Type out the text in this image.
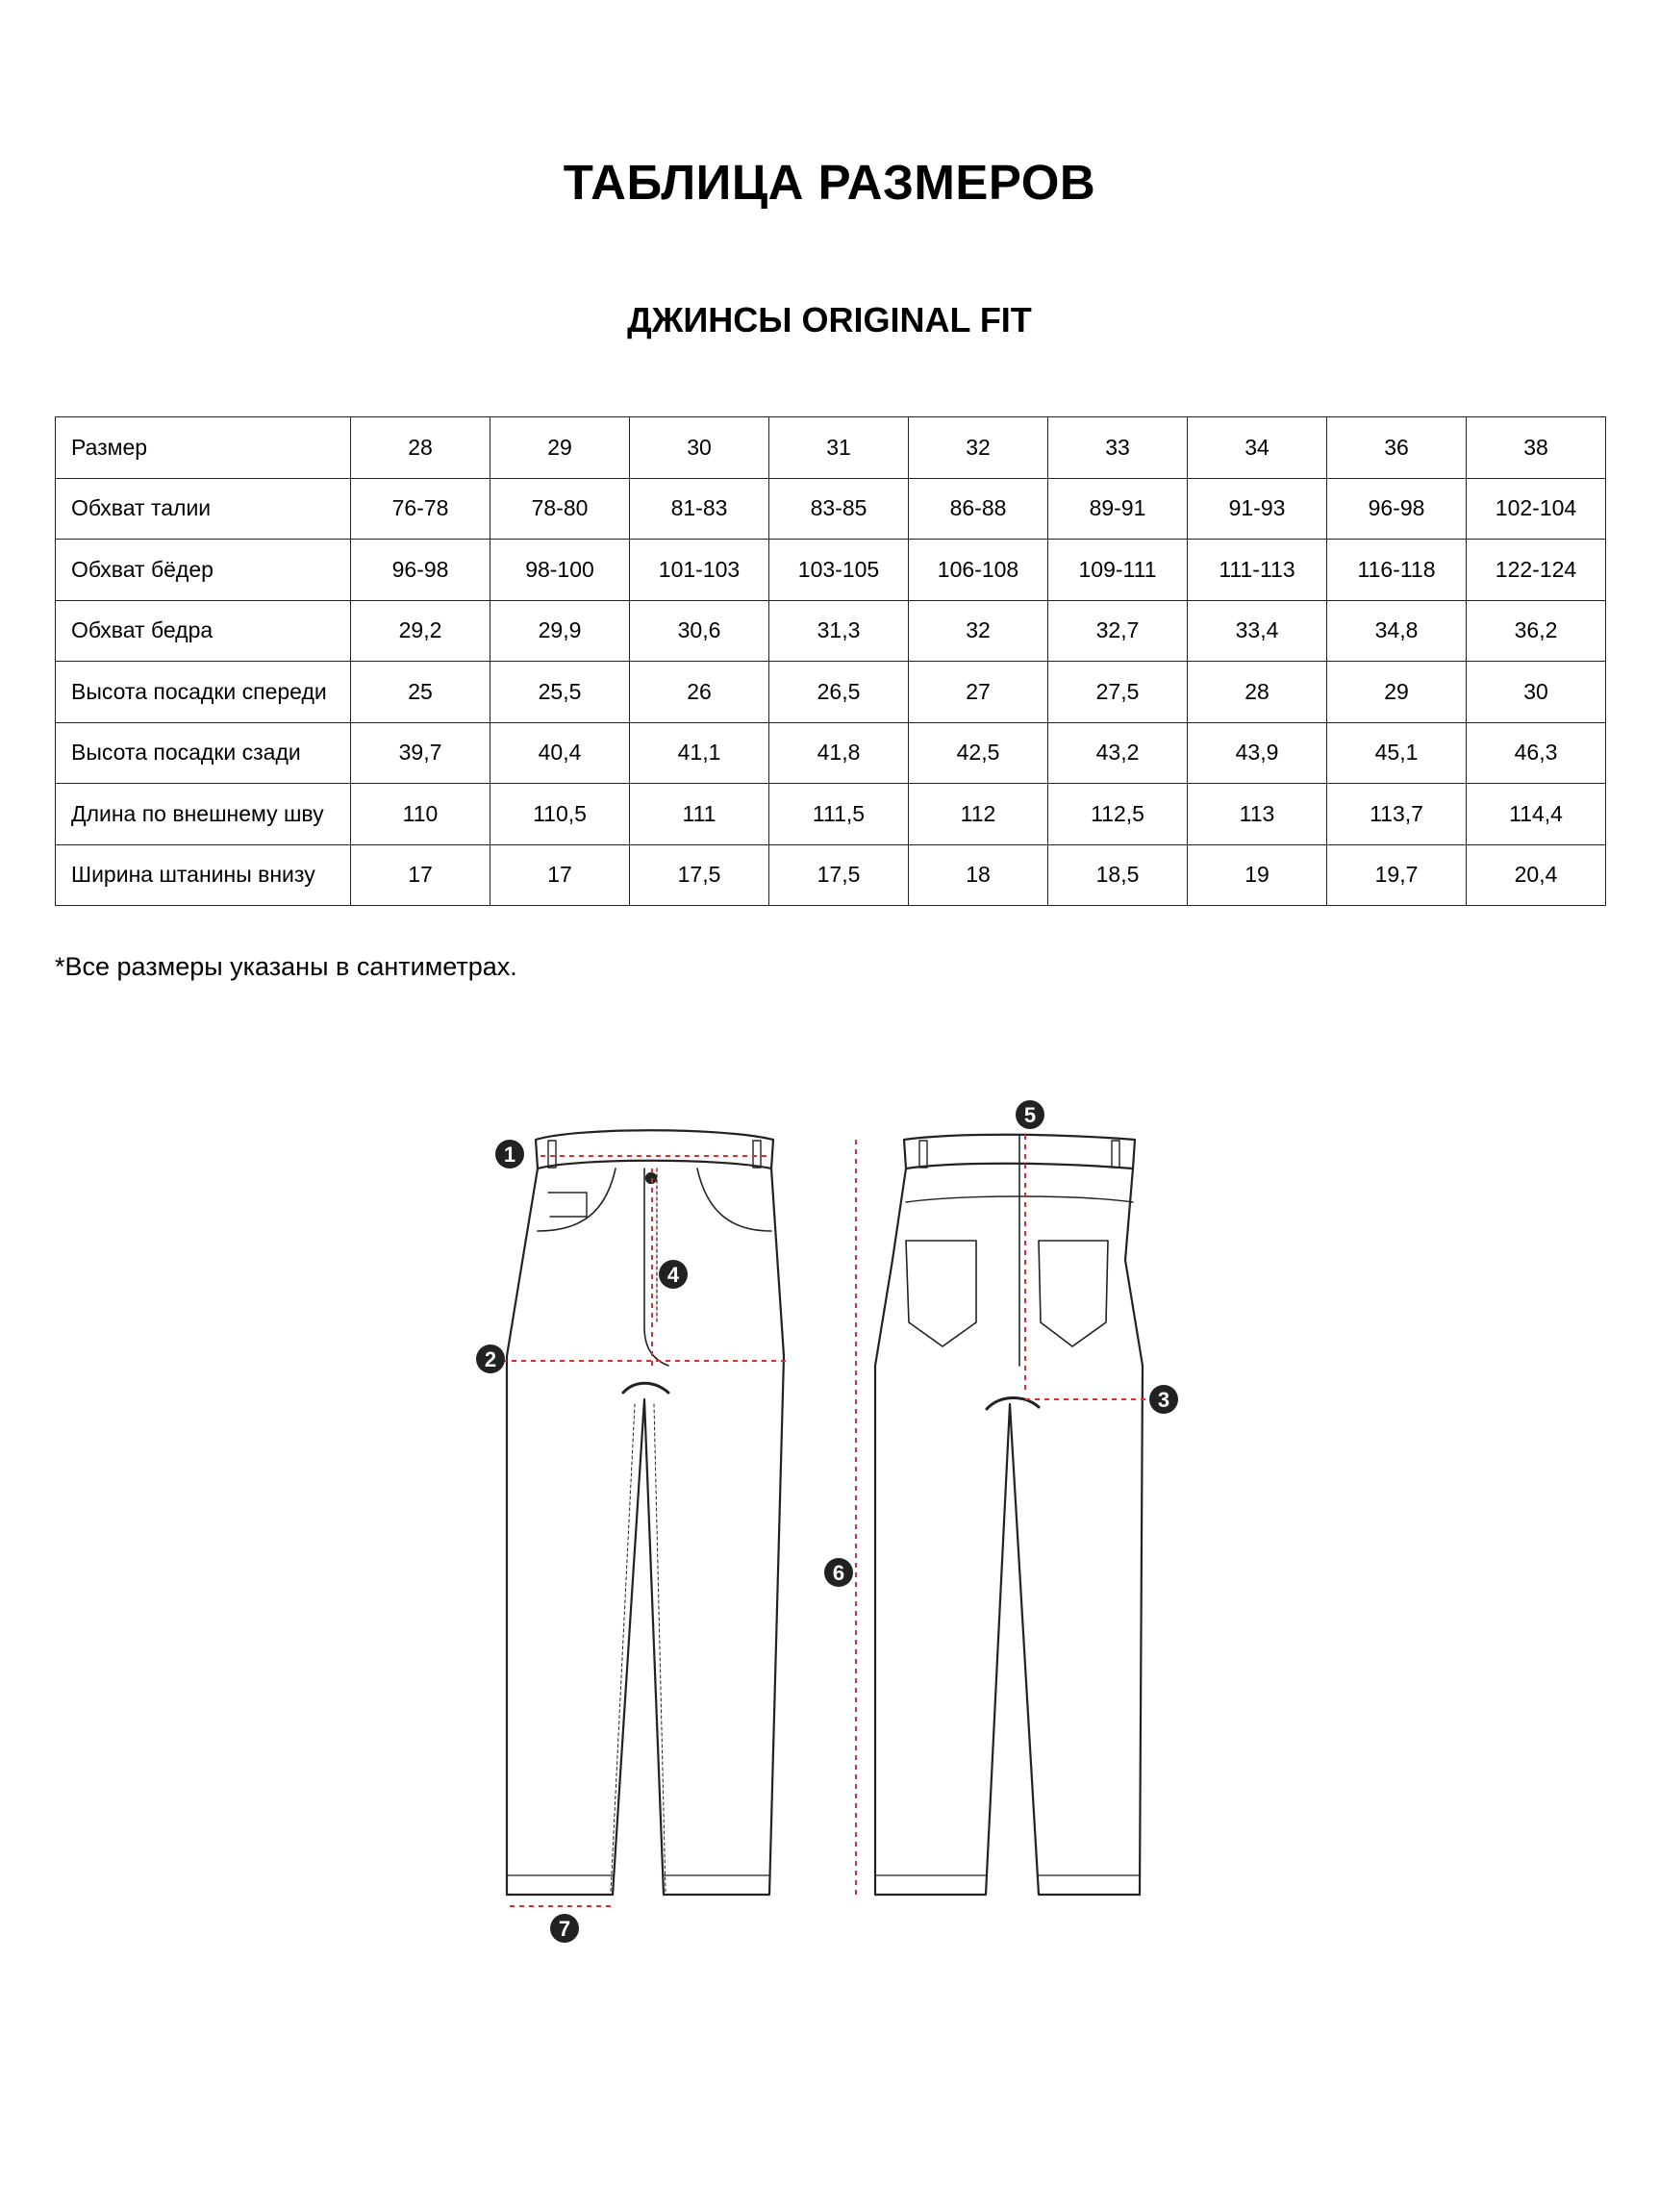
ТАБЛИЦА РАЗМЕРОВ
ДЖИНСЫ ORIGINAL FIT
Размер	28	29	30	31	32	33	34	36	38
Обхват талии	76-78	78-80	81-83	83-85	86-88	89-91	91-93	96-98	102-104
Обхват бёдер	96-98	98-100	101-103	103-105	106-108	109-111	111-113	116-118	122-124
Обхват бедра	29,2	29,9	30,6	31,3	32	32,7	33,4	34,8	36,2
Высота посадки спереди	25	25,5	26	26,5	27	27,5	28	29	30
Высота посадки сзади	39,7	40,4	41,1	41,8	42,5	43,2	43,9	45,1	46,3
Длина по внешнему шву	110	110,5	111	111,5	112	112,5	113	113,7	114,4
Ширина штанины внизу	17	17	17,5	17,5	18	18,5	19	19,7	20,4
*Все размеры указаны в сантиметрах.
1
2
3
4
5
6
7
